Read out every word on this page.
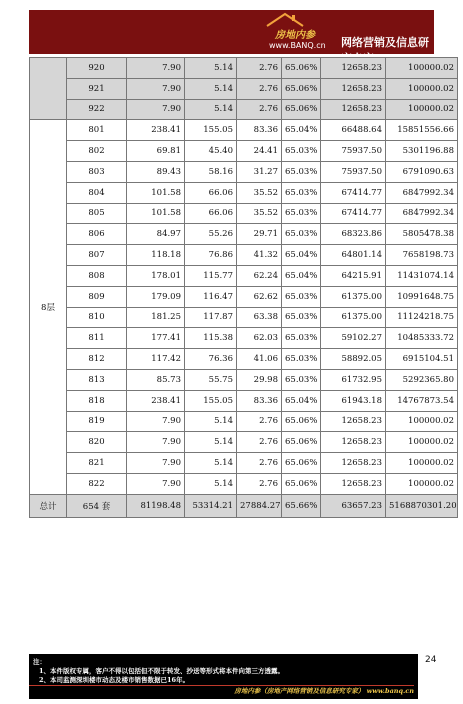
房地内参
www.BANQ.cn 网络营销及信息研
	920	7.90	5.14	2.76	65.06%	12658.23	100000.02
	921	7.90	5.14	2.76	65.06%	12658.23	100000.02
	922	7.90	5.14	2.76	65.06%	12658.23	100000.02
8层	801	238.41	155.05	83.36	65.04%	66488.64	15851556.66
	802	69.81	45.40	24.41	65.03%	75937.50	5301196.88
	803	89.43	58.16	31.27	65.03%	75937.50	6791090.63
	804	101.58	66.06	35.52	65.03%	67414.77	6847992.34
	805	101.58	66.06	35.52	65.03%	67414.77	6847992.34
	806	84.97	55.26	29.71	65.03%	68323.86	5805478.38
	807	118.18	76.86	41.32	65.04%	64801.14	7658198.73
	808	178.01	115.77	62.24	65.04%	64215.91	11431074.14
	809	179.09	116.47	62.62	65.03%	61375.00	10991648.75
	810	181.25	117.87	63.38	65.03%	61375.00	11124218.75
	811	177.41	115.38	62.03	65.03%	59102.27	10485333.72
	812	117.42	76.36	41.06	65.03%	58892.05	6915104.51
	813	85.73	55.75	29.98	65.03%	61732.95	5292365.80
	818	238.41	155.05	83.36	65.04%	61943.18	14767873.54
	819	7.90	5.14	2.76	65.06%	12658.23	100000.02
	820	7.90	5.14	2.76	65.06%	12658.23	100000.02
	821	7.90	5.14	2.76	65.06%	12658.23	100000.02
	822	7.90	5.14	2.76	65.06%	12658.23	100000.02
总计	654 套	81198.48	53314.21	27884.27	65.66%	63657.23	5168870301.20
24
注：
1、本件版权专属，客户不得以包括但不限于转发、抄送等形式将本件向第三方透露。
2、本司监测深圳楼市动态及楼市销售数据已16年。
房地内参（房地产网络营销及信息研究专家） www.banq.cn
